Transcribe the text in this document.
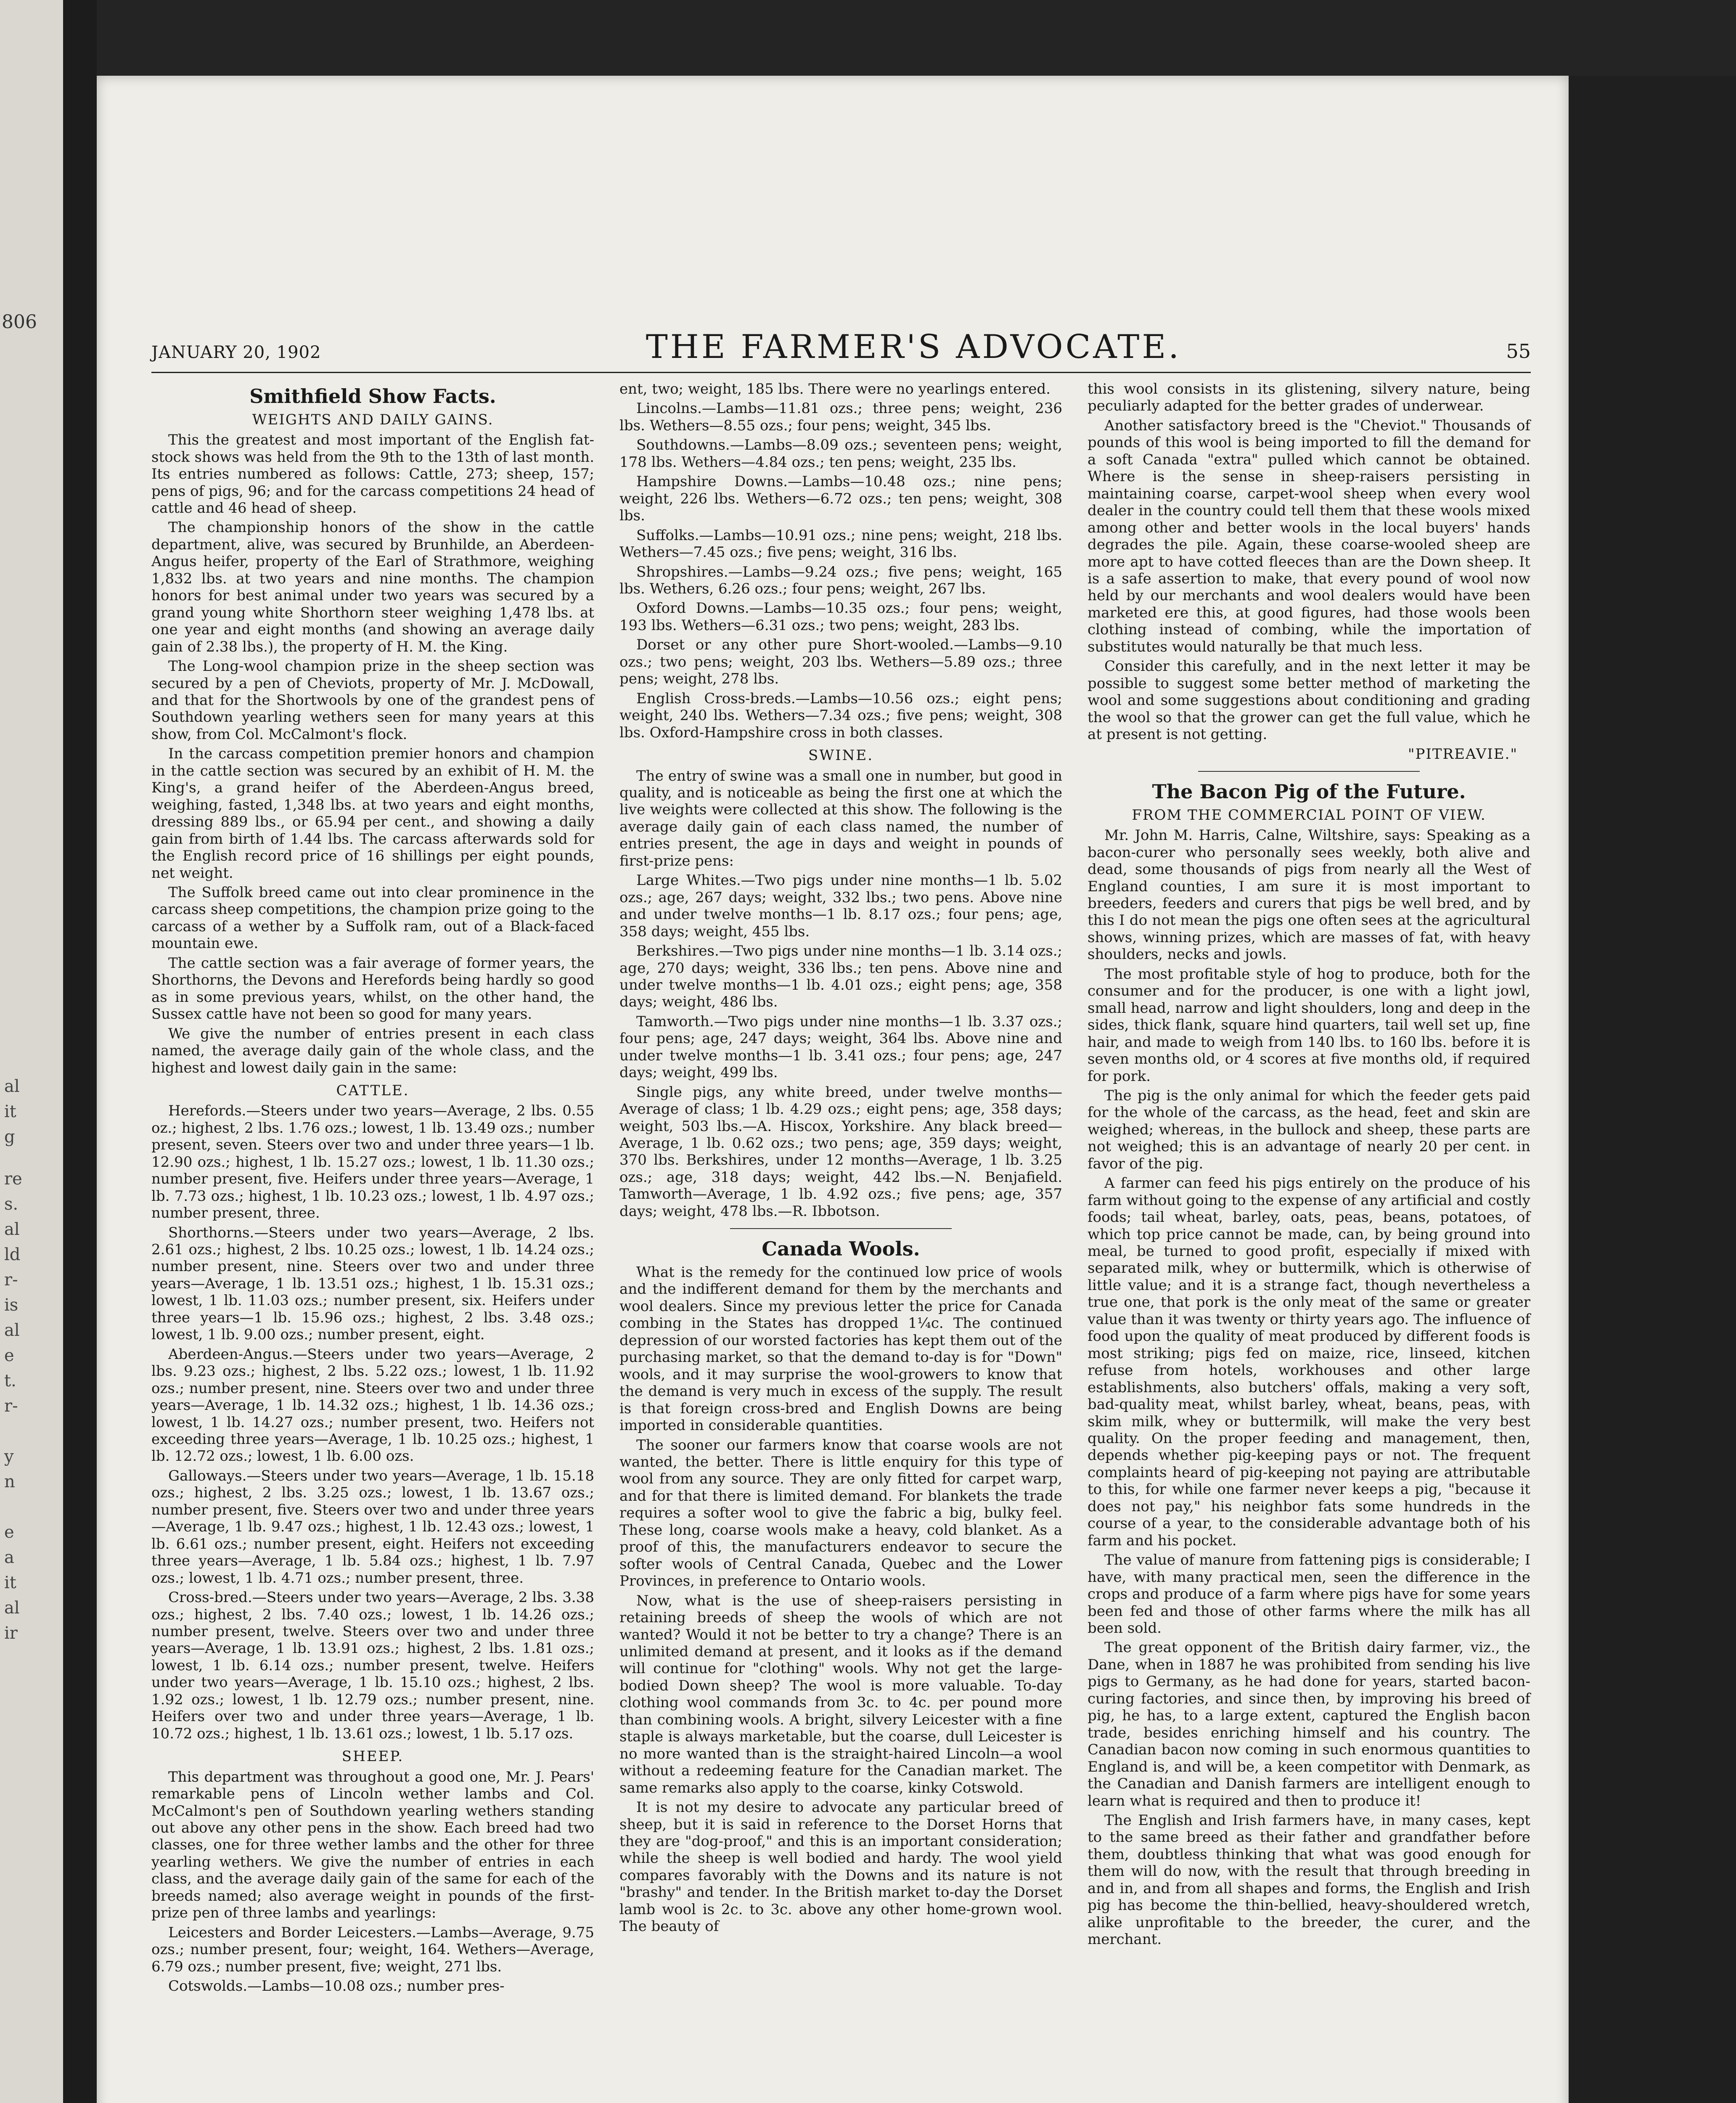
806
al
it
g
re
s.
al
ld
r-
is
al
e
t.
r-
y
n
e
a
it
al
ir
JANUARY 20, 1902	THE FARMER'S ADVOCATE.	55
Smithfield Show Facts.
WEIGHTS AND DAILY GAINS.

This the greatest and most important of the English fat-stock shows was held from the 9th to the 13th of last month. Its entries numbered as follows: Cattle, 273; sheep, 157; pens of pigs, 96; and for the carcass competitions 24 head of cattle and 46 head of sheep.

The championship honors of the show in the cattle department, alive, was secured by Brunhilde, an Aberdeen-Angus heifer, property of the Earl of Strathmore, weighing 1,832 lbs. at two years and nine months. The champion honors for best animal under two years was secured by a grand young white Shorthorn steer weighing 1,478 lbs. at one year and eight months (and showing an average daily gain of 2.38 lbs.), the property of H. M. the King.

The Long-wool champion prize in the sheep section was secured by a pen of Cheviots, property of Mr. J. McDowall, and that for the Shortwools by one of the grandest pens of Southdown yearling wethers seen for many years at this show, from Col. McCalmont's flock.

In the carcass competition premier honors and champion in the cattle section was secured by an exhibit of H. M. the King's, a grand heifer of the Aberdeen-Angus breed, weighing, fasted, 1,348 lbs. at two years and eight months, dressing 889 lbs., or 65.94 per cent., and showing a daily gain from birth of 1.44 lbs. The carcass afterwards sold for the English record price of 16 shillings per eight pounds, net weight.

The Suffolk breed came out into clear prominence in the carcass sheep competitions, the champion prize going to the carcass of a wether by a Suffolk ram, out of a Black-faced mountain ewe.

The cattle section was a fair average of former years, the Shorthorns, the Devons and Herefords being hardly so good as in some previous years, whilst, on the other hand, the Sussex cattle have not been so good for many years.

We give the number of entries present in each class named, the average daily gain of the whole class, and the highest and lowest daily gain in the same:

CATTLE.

Herefords.—Steers under two years—Average, 2 lbs. 0.55 oz.; highest, 2 lbs. 1.76 ozs.; lowest, 1 lb. 13.49 ozs.; number present, seven. Steers over two and under three years—1 lb. 12.90 ozs.; highest, 1 lb. 15.27 ozs.; lowest, 1 lb. 11.30 ozs.; number present, five. Heifers under three years—Average, 1 lb. 7.73 ozs.; highest, 1 lb. 10.23 ozs.; lowest, 1 lb. 4.97 ozs.; number present, three.

Shorthorns.—Steers under two years—Average, 2 lbs. 2.61 ozs.; highest, 2 lbs. 10.25 ozs.; lowest, 1 lb. 14.24 ozs.; number present, nine. Steers over two and under three years—Average, 1 lb. 13.51 ozs.; highest, 1 lb. 15.31 ozs.; lowest, 1 lb. 11.03 ozs.; number present, six. Heifers under three years—1 lb. 15.96 ozs.; highest, 2 lbs. 3.48 ozs.; lowest, 1 lb. 9.00 ozs.; number present, eight.

Aberdeen-Angus.—Steers under two years—Average, 2 lbs. 9.23 ozs.; highest, 2 lbs. 5.22 ozs.; lowest, 1 lb. 11.92 ozs.; number present, nine. Steers over two and under three years—Average, 1 lb. 14.32 ozs.; highest, 1 lb. 14.36 ozs.; lowest, 1 lb. 14.27 ozs.; number present, two. Heifers not exceeding three years—Average, 1 lb. 10.25 ozs.; highest, 1 lb. 12.72 ozs.; lowest, 1 lb. 6.00 ozs.

Galloways.—Steers under two years—Average, 1 lb. 15.18 ozs.; highest, 2 lbs. 3.25 ozs.; lowest, 1 lb. 13.67 ozs.; number present, five. Steers over two and under three years—Average, 1 lb. 9.47 ozs.; highest, 1 lb. 12.43 ozs.; lowest, 1 lb. 6.61 ozs.; number present, eight. Heifers not exceeding three years—Average, 1 lb. 5.84 ozs.; highest, 1 lb. 7.97 ozs.; lowest, 1 lb. 4.71 ozs.; number present, three.

Cross-bred.—Steers under two years—Average, 2 lbs. 3.38 ozs.; highest, 2 lbs. 7.40 ozs.; lowest, 1 lb. 14.26 ozs.; number present, twelve. Steers over two and under three years—Average, 1 lb. 13.91 ozs.; highest, 2 lbs. 1.81 ozs.; lowest, 1 lb. 6.14 ozs.; number present, twelve. Heifers under two years—Average, 1 lb. 15.10 ozs.; highest, 2 lbs. 1.92 ozs.; lowest, 1 lb. 12.79 ozs.; number present, nine. Heifers over two and under three years—Average, 1 lb. 10.72 ozs.; highest, 1 lb. 13.61 ozs.; lowest, 1 lb. 5.17 ozs.

SHEEP.

This department was throughout a good one, Mr. J. Pears' remarkable pens of Lincoln wether lambs and Col. McCalmont's pen of Southdown yearling wethers standing out above any other pens in the show. Each breed had two classes, one for three wether lambs and the other for three yearling wethers. We give the number of entries in each class, and the average daily gain of the same for each of the breeds named; also average weight in pounds of the first-prize pen of three lambs and yearlings:

Leicesters and Border Leicesters.—Lambs—Average, 9.75 ozs.; number present, four; weight, 164. Wethers—Average, 6.79 ozs.; number present, five; weight, 271 lbs.

Cotswolds.—Lambs—10.08 ozs.; number pres-

ent, two; weight, 185 lbs. There were no yearlings entered.

Lincolns.—Lambs—11.81 ozs.; three pens; weight, 236 lbs. Wethers—8.55 ozs.; four pens; weight, 345 lbs.

Southdowns.—Lambs—8.09 ozs.; seventeen pens; weight, 178 lbs. Wethers—4.84 ozs.; ten pens; weight, 235 lbs.

Hampshire Downs.—Lambs—10.48 ozs.; nine pens; weight, 226 lbs. Wethers—6.72 ozs.; ten pens; weight, 308 lbs.

Suffolks.—Lambs—10.91 ozs.; nine pens; weight, 218 lbs. Wethers—7.45 ozs.; five pens; weight, 316 lbs.

Shropshires.—Lambs—9.24 ozs.; five pens; weight, 165 lbs. Wethers, 6.26 ozs.; four pens; weight, 267 lbs.

Oxford Downs.—Lambs—10.35 ozs.; four pens; weight, 193 lbs. Wethers—6.31 ozs.; two pens; weight, 283 lbs.

Dorset or any other pure Short-wooled.—Lambs—9.10 ozs.; two pens; weight, 203 lbs. Wethers—5.89 ozs.; three pens; weight, 278 lbs.

English Cross-breds.—Lambs—10.56 ozs.; eight pens; weight, 240 lbs. Wethers—7.34 ozs.; five pens; weight, 308 lbs. Oxford-Hampshire cross in both classes.

SWINE.

The entry of swine was a small one in number, but good in quality, and is noticeable as being the first one at which the live weights were collected at this show. The following is the average daily gain of each class named, the number of entries present, the age in days and weight in pounds of first-prize pens:

Large Whites.—Two pigs under nine months—1 lb. 5.02 ozs.; age, 267 days; weight, 332 lbs.; two pens. Above nine and under twelve months—1 lb. 8.17 ozs.; four pens; age, 358 days; weight, 455 lbs.

Berkshires.—Two pigs under nine months—1 lb. 3.14 ozs.; age, 270 days; weight, 336 lbs.; ten pens. Above nine and under twelve months—1 lb. 4.01 ozs.; eight pens; age, 358 days; weight, 486 lbs.

Tamworth.—Two pigs under nine months—1 lb. 3.37 ozs.; four pens; age, 247 days; weight, 364 lbs. Above nine and under twelve months—1 lb. 3.41 ozs.; four pens; age, 247 days; weight, 499 lbs.

Single pigs, any white breed, under twelve months—Average of class; 1 lb. 4.29 ozs.; eight pens; age, 358 days; weight, 503 lbs.—A. Hiscox, Yorkshire. Any black breed—Average, 1 lb. 0.62 ozs.; two pens; age, 359 days; weight, 370 lbs. Berkshires, under 12 months—Average, 1 lb. 3.25 ozs.; age, 318 days; weight, 442 lbs.—N. Benjafield. Tamworth—Average, 1 lb. 4.92 ozs.; five pens; age, 357 days; weight, 478 lbs.—R. Ibbotson.

Canada Wools.

What is the remedy for the continued low price of wools and the indifferent demand for them by the merchants and wool dealers. Since my previous letter the price for Canada combing in the States has dropped 1¼c. The continued depression of our worsted factories has kept them out of the purchasing market, so that the demand to-day is for "Down" wools, and it may surprise the wool-growers to know that the demand is very much in excess of the supply. The result is that foreign cross-bred and English Downs are being imported in considerable quantities.

The sooner our farmers know that coarse wools are not wanted, the better. There is little enquiry for this type of wool from any source. They are only fitted for carpet warp, and for that there is limited demand. For blankets the trade requires a softer wool to give the fabric a big, bulky feel. These long, coarse wools make a heavy, cold blanket. As a proof of this, the manufacturers endeavor to secure the softer wools of Central Canada, Quebec and the Lower Provinces, in preference to Ontario wools.

Now, what is the use of sheep-raisers persisting in retaining breeds of sheep the wools of which are not wanted? Would it not be better to try a change? There is an unlimited demand at present, and it looks as if the demand will continue for "clothing" wools. Why not get the large-bodied Down sheep? The wool is more valuable. To-day clothing wool commands from 3c. to 4c. per pound more than combining wools. A bright, silvery Leicester with a fine staple is always marketable, but the coarse, dull Leicester is no more wanted than is the straight-haired Lincoln—a wool without a redeeming feature for the Canadian market. The same remarks also apply to the coarse, kinky Cotswold.

It is not my desire to advocate any particular breed of sheep, but it is said in reference to the Dorset Horns that they are "dog-proof," and this is an important consideration; while the sheep is well bodied and hardy. The wool yield compares favorably with the Downs and its nature is not "brashy" and tender. In the British market to-day the Dorset lamb wool is 2c. to 3c. above any other home-grown wool. The beauty of

this wool consists in its glistening, silvery nature, being peculiarly adapted for the better grades of underwear.

Another satisfactory breed is the "Cheviot." Thousands of pounds of this wool is being imported to fill the demand for a soft Canada "extra" pulled which cannot be obtained. Where is the sense in sheep-raisers persisting in maintaining coarse, carpet-wool sheep when every wool dealer in the country could tell them that these wools mixed among other and better wools in the local buyers' hands degrades the pile. Again, these coarse-wooled sheep are more apt to have cotted fleeces than are the Down sheep. It is a safe assertion to make, that every pound of wool now held by our merchants and wool dealers would have been marketed ere this, at good figures, had those wools been clothing instead of combing, while the importation of substitutes would naturally be that much less.

Consider this carefully, and in the next letter it may be possible to suggest some better method of marketing the wool and some suggestions about conditioning and grading the wool so that the grower can get the full value, which he at present is not getting.

"PITREAVIE."
The Bacon Pig of the Future.
FROM THE COMMERCIAL POINT OF VIEW.

Mr. John M. Harris, Calne, Wiltshire, says: Speaking as a bacon-curer who personally sees weekly, both alive and dead, some thousands of pigs from nearly all the West of England counties, I am sure it is most important to breeders, feeders and curers that pigs be well bred, and by this I do not mean the pigs one often sees at the agricultural shows, winning prizes, which are masses of fat, with heavy shoulders, necks and jowls.

The most profitable style of hog to produce, both for the consumer and for the producer, is one with a light jowl, small head, narrow and light shoulders, long and deep in the sides, thick flank, square hind quarters, tail well set up, fine hair, and made to weigh from 140 lbs. to 160 lbs. before it is seven months old, or 4 scores at five months old, if required for pork.

The pig is the only animal for which the feeder gets paid for the whole of the carcass, as the head, feet and skin are weighed; whereas, in the bullock and sheep, these parts are not weighed; this is an advantage of nearly 20 per cent. in favor of the pig.

A farmer can feed his pigs entirely on the produce of his farm without going to the expense of any artificial and costly foods; tail wheat, barley, oats, peas, beans, potatoes, of which top price cannot be made, can, by being ground into meal, be turned to good profit, especially if mixed with separated milk, whey or buttermilk, which is otherwise of little value; and it is a strange fact, though nevertheless a true one, that pork is the only meat of the same or greater value than it was twenty or thirty years ago. The influence of food upon the quality of meat produced by different foods is most striking; pigs fed on maize, rice, linseed, kitchen refuse from hotels, workhouses and other large establishments, also butchers' offals, making a very soft, bad-quality meat, whilst barley, wheat, beans, peas, with skim milk, whey or buttermilk, will make the very best quality. On the proper feeding and management, then, depends whether pig-keeping pays or not. The frequent complaints heard of pig-keeping not paying are attributable to this, for while one farmer never keeps a pig, "because it does not pay," his neighbor fats some hundreds in the course of a year, to the considerable advantage both of his farm and his pocket.

The value of manure from fattening pigs is considerable; I have, with many practical men, seen the difference in the crops and produce of a farm where pigs have for some years been fed and those of other farms where the milk has all been sold.

The great opponent of the British dairy farmer, viz., the Dane, when in 1887 he was prohibited from sending his live pigs to Germany, as he had done for years, started bacon-curing factories, and since then, by improving his breed of pig, he has, to a large extent, captured the English bacon trade, besides enriching himself and his country. The Canadian bacon now coming in such enormous quantities to England is, and will be, a keen competitor with Denmark, as the Canadian and Danish farmers are intelligent enough to learn what is required and then to produce it!

The English and Irish farmers have, in many cases, kept to the same breed as their father and grandfather before them, doubtless thinking that what was good enough for them will do now, with the result that through breeding in and in, and from all shapes and forms, the English and Irish pig has become the thin-bellied, heavy-shouldered wretch, alike unprofitable to the breeder, the curer, and the merchant.
